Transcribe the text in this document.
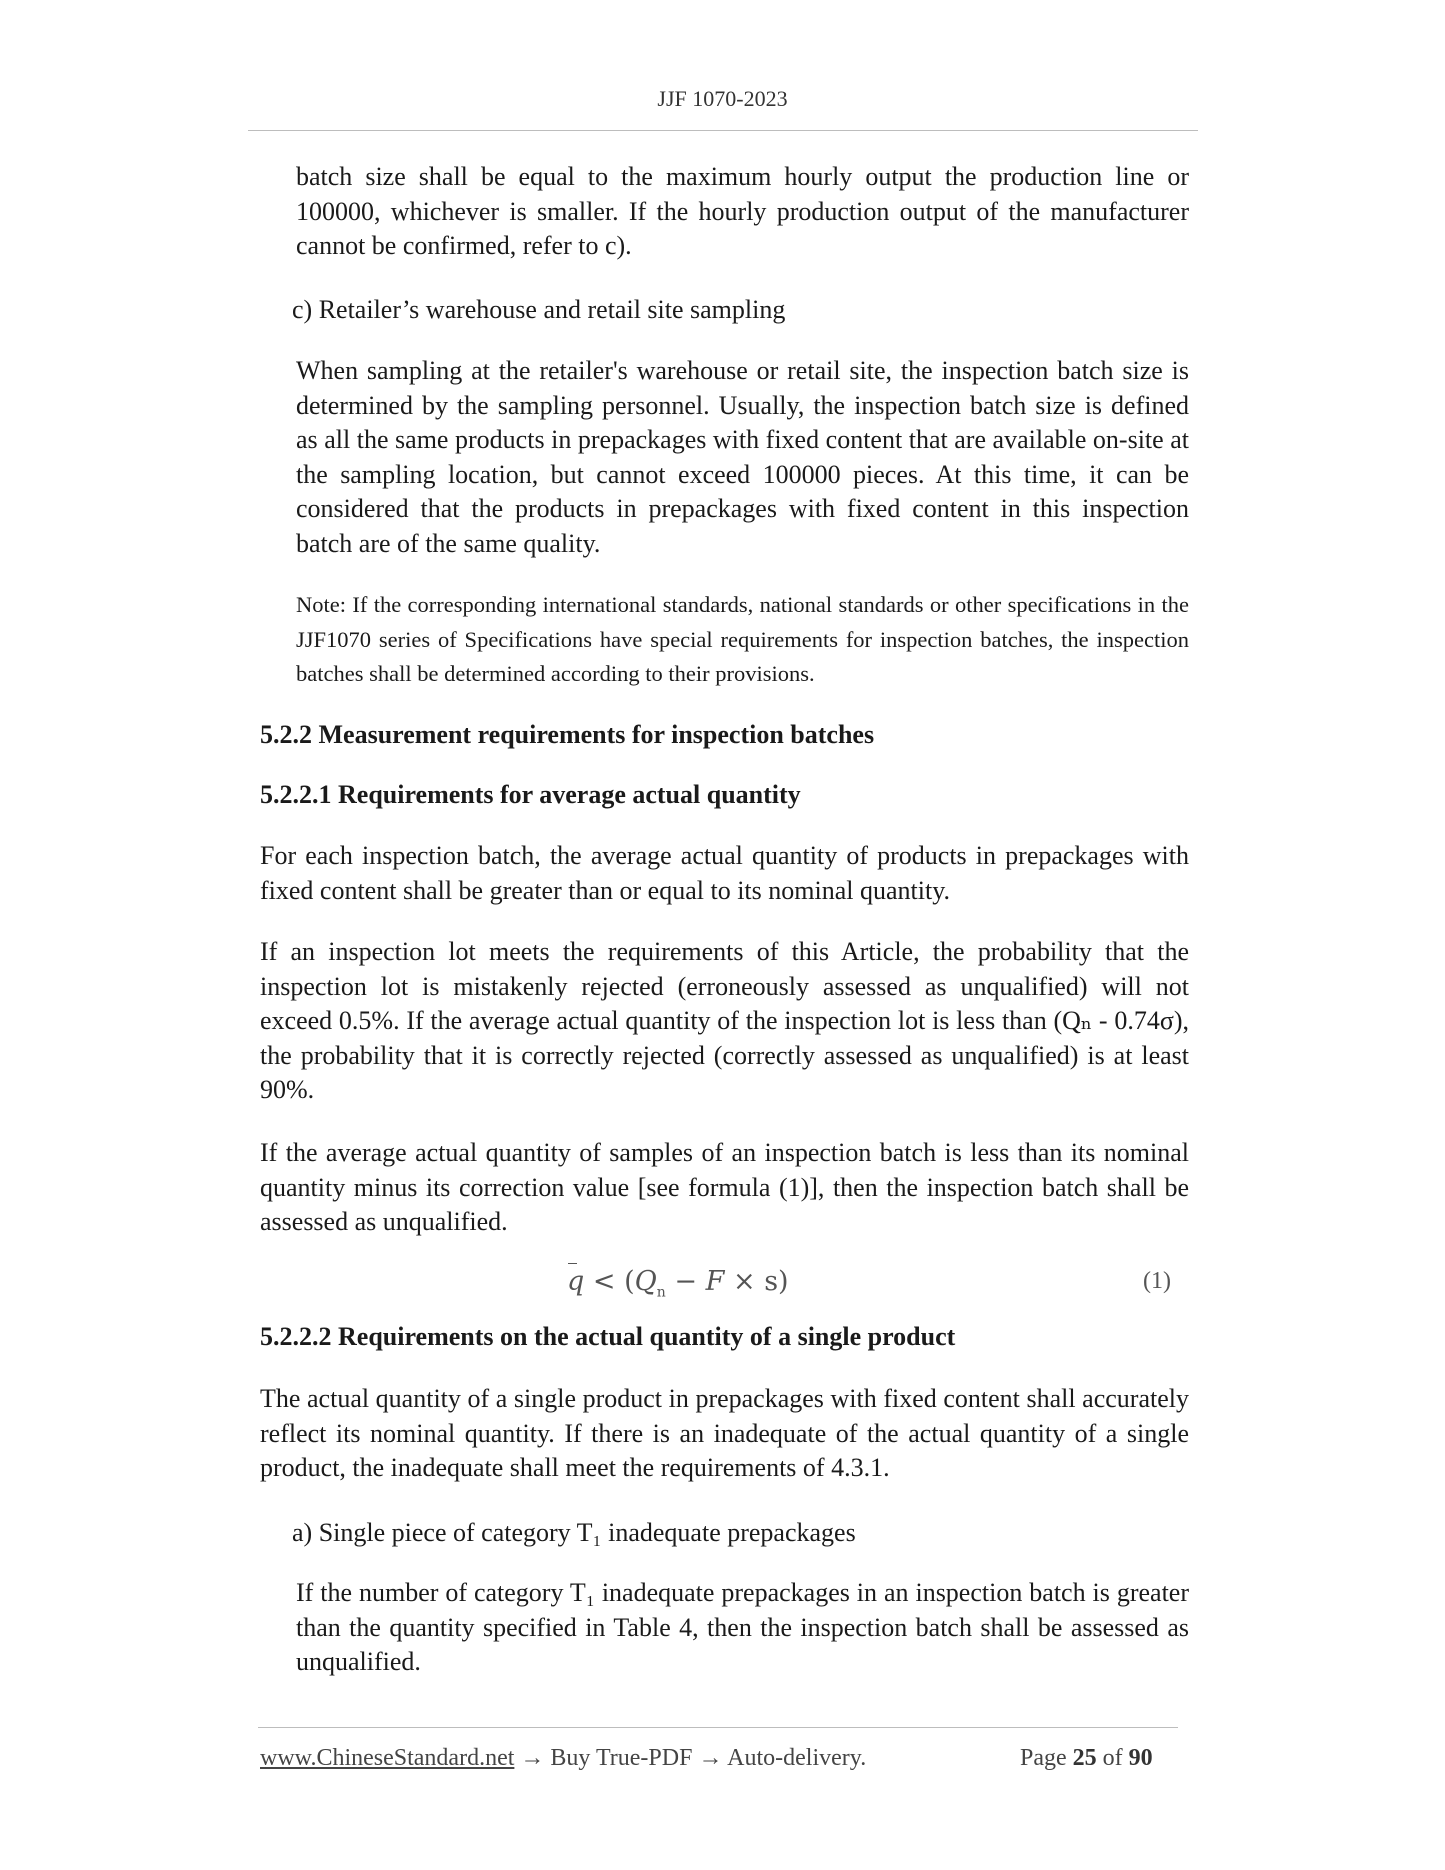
JJF 1070-2023

batch size shall be equal to the maximum hourly output the production line or 100000, whichever is smaller. If the hourly production output of the manufacturer cannot be confirmed, refer to c).

c) Retailer’s warehouse and retail site sampling

When sampling at the retailer's warehouse or retail site, the inspection batch size is determined by the sampling personnel. Usually, the inspection batch size is defined as all the same products in prepackages with fixed content that are available on-site at the sampling location, but cannot exceed 100000 pieces. At this time, it can be considered that the products in prepackages with fixed content in this inspection batch are of the same quality.

Note: If the corresponding international standards, national standards or other specifications in the JJF1070 series of Specifications have special requirements for inspection batches, the inspection batches shall be determined according to their provisions.

5.2.2 Measurement requirements for inspection batches

5.2.2.1 Requirements for average actual quantity

For each inspection batch, the average actual quantity of products in prepackages with fixed content shall be greater than or equal to its nominal quantity.

If an inspection lot meets the requirements of this Article, the probability that the inspection lot is mistakenly rejected (erroneously assessed as unqualified) will not exceed 0.5%. If the average actual quantity of the inspection lot is less than (Qₙ - 0.74σ), the probability that it is correctly rejected (correctly assessed as unqualified) is at least 90%.

If the average actual quantity of samples of an inspection batch is less than its nominal quantity minus its correction value [see formula (1)], then the inspection batch shall be assessed as unqualified.

$q < (Q_n - F \times s)$	(1)

5.2.2.2 Requirements on the actual quantity of a single product

The actual quantity of a single product in prepackages with fixed content shall accurately reflect its nominal quantity. If there is an inadequate of the actual quantity of a single product, the inadequate shall meet the requirements of 4.3.1.

a) Single piece of category T₁ inadequate prepackages

If the number of category T₁ inadequate prepackages in an inspection batch is greater than the quantity specified in Table 4, then the inspection batch shall be assessed as unqualified.

www.ChineseStandard.net → Buy True-PDF → Auto-delivery.	Page 25 of 90
